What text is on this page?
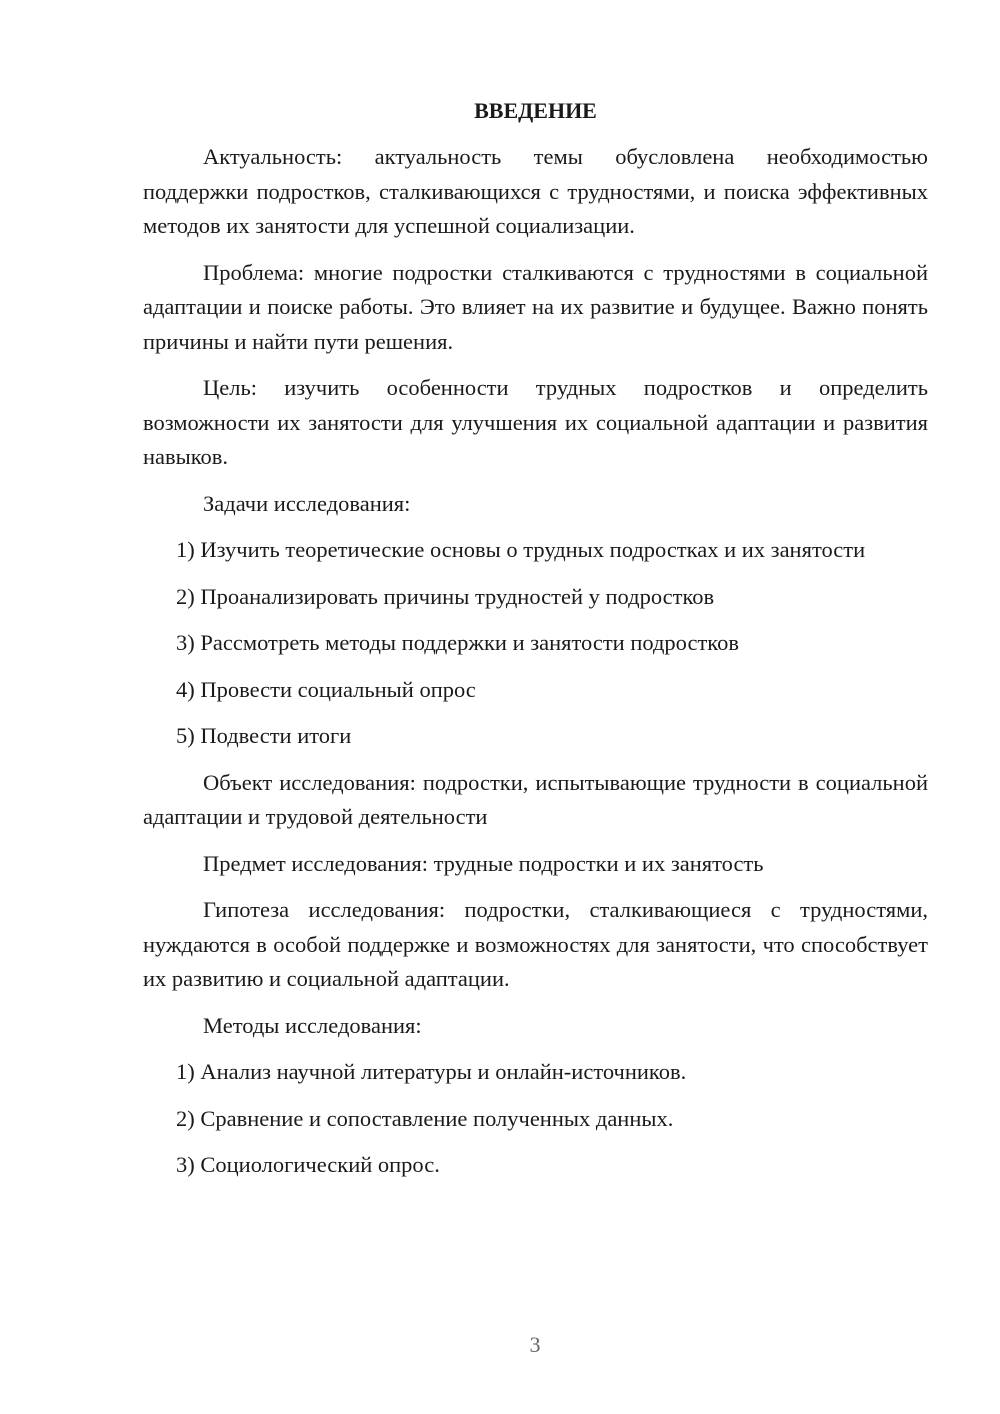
ВВЕДЕНИЕ

Актуальность: актуальность темы обусловлена необходимостью поддержки подростков, сталкивающихся с трудностями, и поиска эффективных методов их занятости для успешной социализации.

Проблема: многие подростки сталкиваются с трудностями в социальной адаптации и поиске работы. Это влияет на их развитие и будущее. Важно понять причины и найти пути решения.

Цель: изучить особенности трудных подростков и определить возможности их занятости для улучшения их социальной адаптации и развития навыков.

Задачи исследования:

1) Изучить теоретические основы о трудных подростках и их занятости

2) Проанализировать причины трудностей у подростков

3) Рассмотреть методы поддержки и занятости подростков

4) Провести социальный опрос

5) Подвести итоги

Объект исследования: подростки, испытывающие трудности в социальной адаптации и трудовой деятельности

Предмет исследования: трудные подростки и их занятость

Гипотеза исследования: подростки, сталкивающиеся с трудностями, нуждаются в особой поддержке и возможностях для занятости, что способствует их развитию и социальной адаптации.

Методы исследования:

1) Анализ научной литературы и онлайн-источников.

2) Сравнение и сопоставление полученных данных.

3) Социологический опрос.

3
